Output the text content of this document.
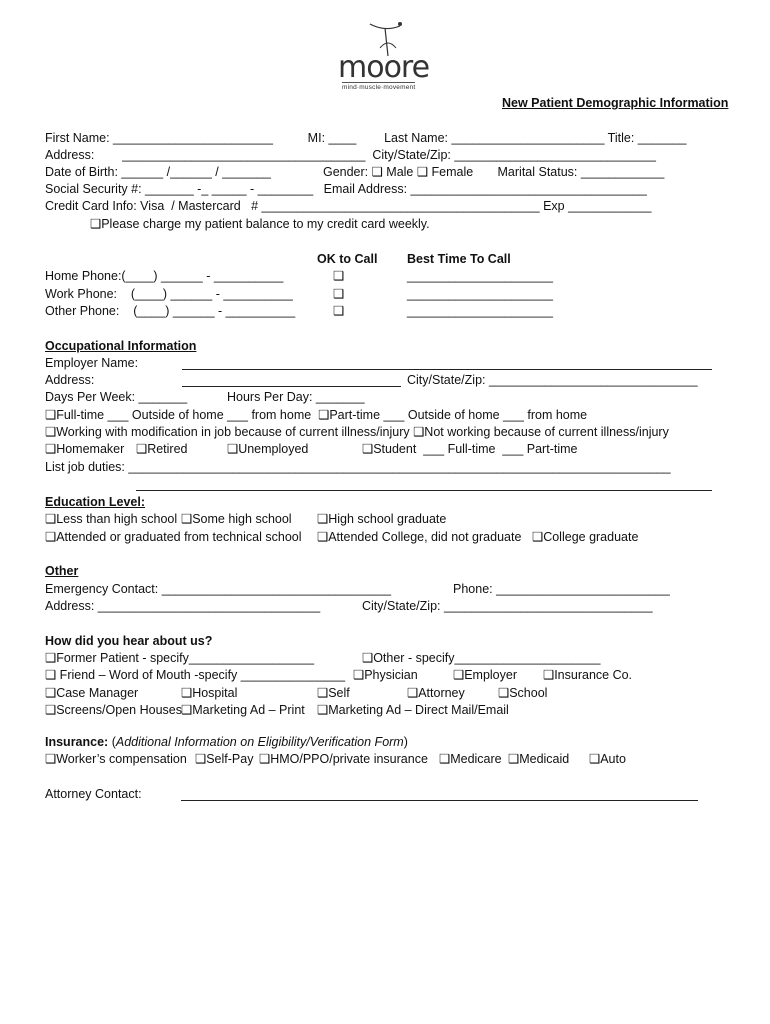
moore
mind·muscle·movement
New Patient Demographic Information
First Name: _______________________          MI: ____        Last Name: ______________________ Title: _______
Address:        ___________________________________  City/State/Zip: _____________________________
Date of Birth: ______ /______ / _______               Gender: ❑ Male ❑ Female       Marital Status: ____________
Social Security #: _______ -_ _____ - ________   Email Address: __________________________________
Credit Card Info: Visa  / Mastercard   # ________________________________________ Exp ____________
❑Please charge my patient balance to my credit card weekly.
OK to Call Best Time To Call
Home Phone:(____) ______ - __________	❑	_____________________
Work Phone:    (____) ______ - __________	❑	_____________________
Other Phone:    (____) ______ - __________	❑	_____________________
Occupational Information
Employer Name:
Address:	City/State/Zip: ______________________________
Days Per Week: _______	Hours Per Day: _______
❑Full-time ___ Outside of home ___ from home  ❑Part-time ___ Outside of home ___ from home
❑Working with modification in job because of current illness/injury ❑Not working because of current illness/injury
❑Homemaker ❑Retired	❑Unemployed	❑Student  ___ Full-time  ___ Part-time
List job duties: ______________________________________________________________________________
Education Level:
❑Less than high school ❑Some high school ❑High school graduate
❑Attended or graduated from technical school ❑Attended College, did not graduate ❑College graduate
Other
Emergency Contact: _________________________________	Phone: _________________________
Address: ________________________________	City/State/Zip: ______________________________
How did you hear about us?
❑Former Patient - specify__________________	❑Other - specify_____________________
❑ Friend – Word of Mouth -specify _______________ ❑Physician	❑Employer ❑Insurance Co.
❑Case Manager	❑Hospital	❑Self	❑Attorney	❑School
❑Screens/Open Houses ❑Marketing Ad – Print ❑Marketing Ad – Direct Mail/Email
Insurance: (Additional Information on Eligibility/Verification Form)
❑Worker’s compensation ❑Self-Pay ❑HMO/PPO/private insurance ❑Medicare ❑Medicaid ❑Auto
Attorney Contact:
